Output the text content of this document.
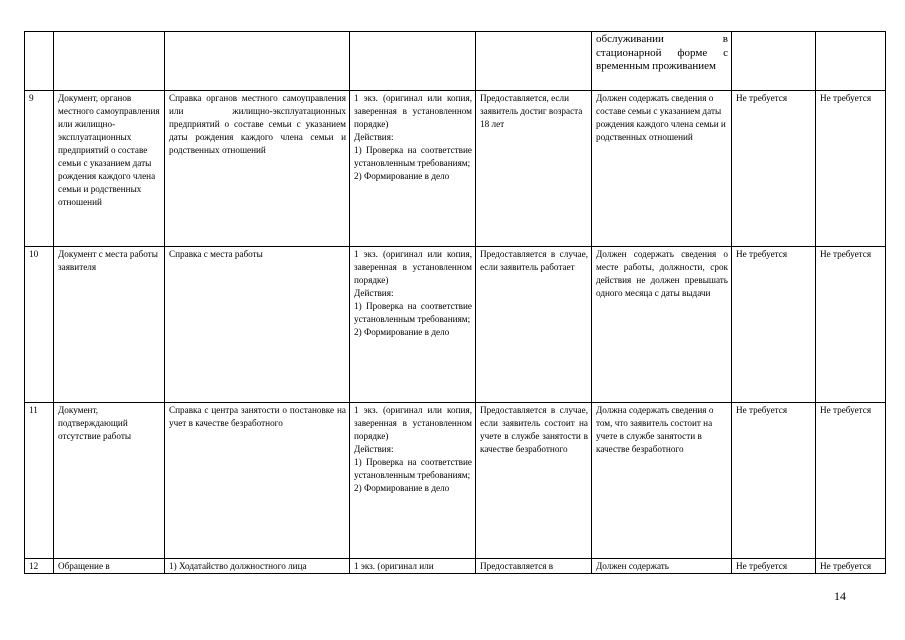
					обслуживании в стационарной форме с временным проживанием		
9	Документ, органов местного самоуправления или жилищно-эксплуатационных предприятий о составе семьи с указанием даты рождения каждого члена семьи и родственных отношений	Справка органов местного самоуправления или жилищно-эксплуатационных предприятий о составе семьи с указанием даты рождения каждого члена семьи и родственных отношений	1 экз. (оригинал или копия, заверенная в установленном порядке)
Действия:
1) Проверка на соответствие установленным требованиям;
2) Формирование в дело	Предоставляется, если заявитель достиг возраста 18 лет	Должен содержать сведения о составе семьи с указанием даты рождения каждого члена семьи и родственных отношений	Не требуется	Не требуется
10	Документ с места работы заявителя	Справка с места работы	1 экз. (оригинал или копия, заверенная в установленном порядке)
Действия:
1) Проверка на соответствие установленным требованиям;
2) Формирование в дело	Предоставляется в случае, если заявитель работает	Должен содержать сведения о месте работы, должности, срок действия не должен превышать одного месяца с даты выдачи	Не требуется	Не требуется
11	Документ, подтверждающий отсутствие работы	Справка с центра занятости о постановке на учет в качестве безработного	1 экз. (оригинал или копия, заверенная в установленном порядке)
Действия:
1) Проверка на соответствие установленным требованиям;
2) Формирование в дело	Предоставляется в случае, если заявитель состоит на учете в службе занятости в качестве безработного	Должна содержать сведения о том, что заявитель состоит на учете в службе занятости в качестве безработного	Не требуется	Не требуется
12	Обращение в	1) Ходатайство должностного лица	1 экз. (оригинал или	Предоставляется в	Должен содержать	Не требуется	Не требуется
14
